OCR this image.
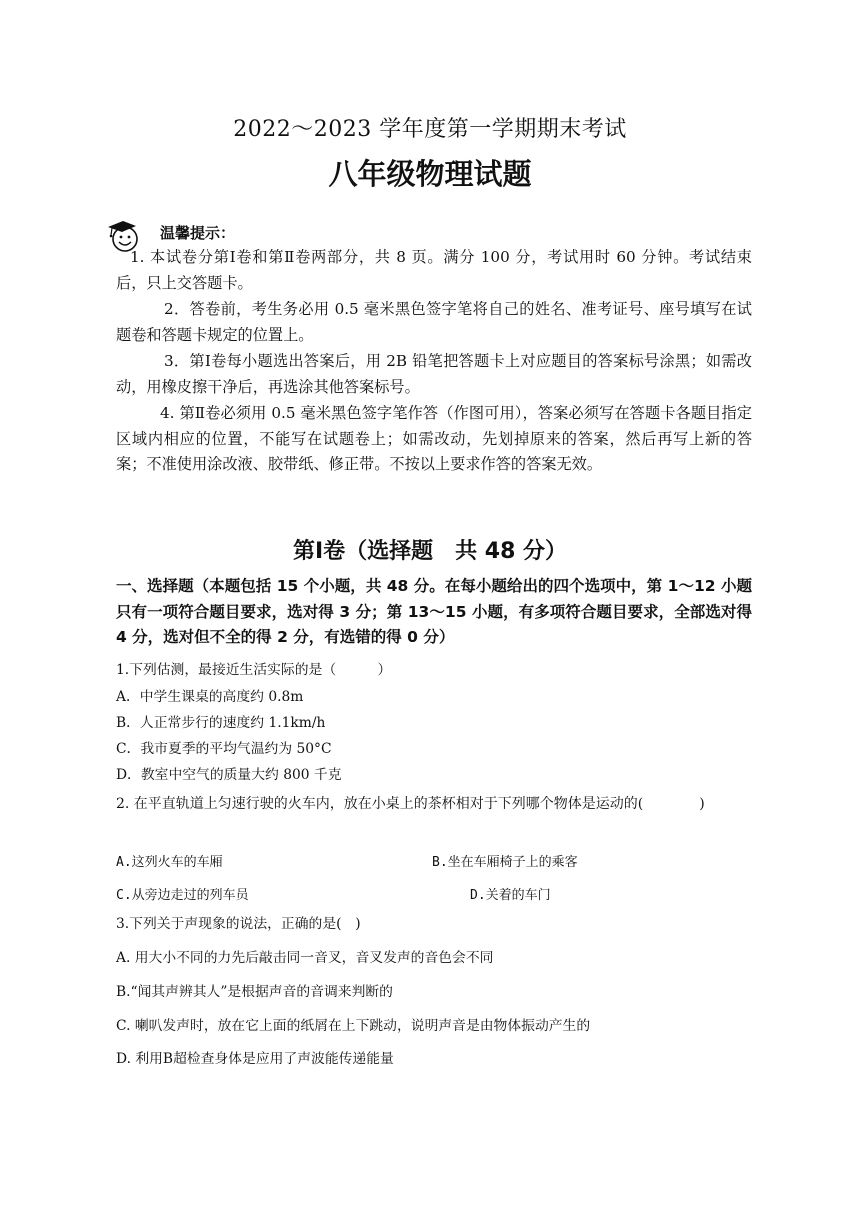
2022～2023 学年度第一学期期末考试
八年级物理试题
温馨提示：
1. 本试卷分第Ⅰ卷和第Ⅱ卷两部分，共 8 页。满分 100 分，考试用时 60 分钟。考试结束后，只上交答题卡。
2．答卷前，考生务必用 0.5 毫米黑色签字笔将自己的姓名、准考证号、座号填写在试题卷和答题卡规定的位置上。
3．第Ⅰ卷每小题选出答案后，用 2B 铅笔把答题卡上对应题目的答案标号涂黑；如需改动，用橡皮擦干净后，再选涂其他答案标号。
4. 第Ⅱ卷必须用 0.5 毫米黑色签字笔作答（作图可用），答案必须写在答题卡各题目指定区域内相应的位置，不能写在试题卷上；如需改动，先划掉原来的答案，然后再写上新的答案；不准使用涂改液、胶带纸、修正带。不按以上要求作答的答案无效。
第Ⅰ卷（选择题　共 48 分）
一、选择题（本题包括 15 个小题，共 48 分。在每小题给出的四个选项中，第 1～12 小题只有一项符合题目要求，选对得 3 分；第 13～15 小题，有多项符合题目要求，全部选对得 4 分，选对但不全的得 2 分，有选错的得 0 分）
1.下列估测，最接近生活实际的是（　　　）
A．中学生课桌的高度约 0.8m
B．人正常步行的速度约 1.1km/h
C．我市夏季的平均气温约为 50°C
D．教室中空气的质量大约 800 千克
2. 在平直轨道上匀速行驶的火车内，放在小桌上的茶杯相对于下列哪个物体是运动的(　　　　)
A.这列火车的车厢	B.坐在车厢椅子上的乘客
C.从旁边走过的列车员	D.关着的车门
3.下列关于声现象的说法，正确的是(　)
A. 用大小不同的力先后敲击同一音叉，音叉发声的音色会不同
B.“闻其声辨其人”是根据声音的音调来判断的
C. 喇叭发声时，放在它上面的纸屑在上下跳动，说明声音是由物体振动产生的
D. 利用B超检查身体是应用了声波能传递能量
